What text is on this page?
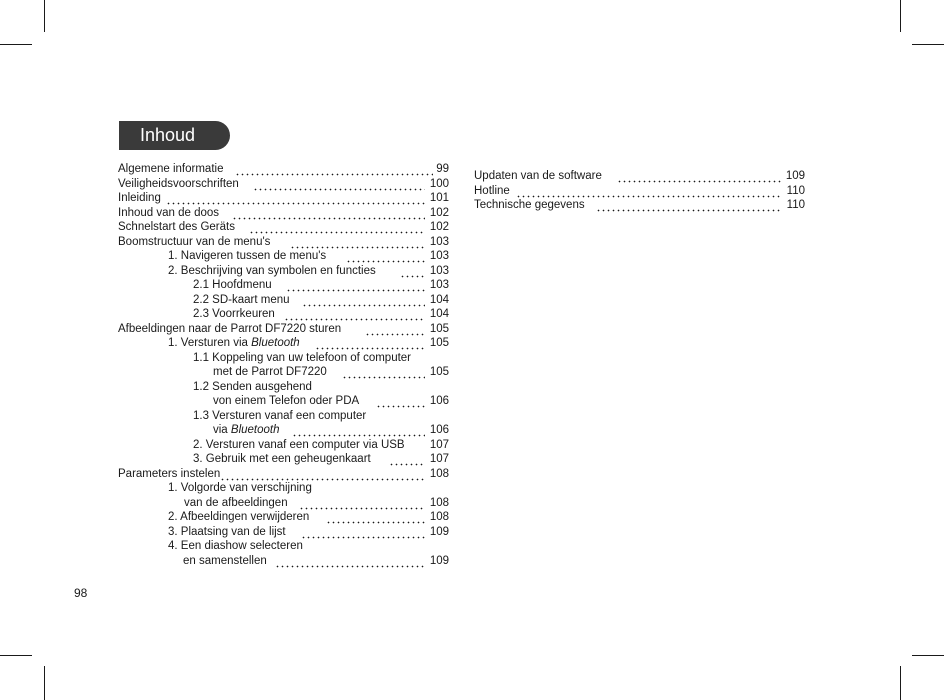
Inhoud
Algemene informatie	99
Veiligheidsvoorschriften	100
Inleiding	101
Inhoud van de doos	102
Schnelstart des Geräts	102
Boomstructuur van de menu's	103
1. Navigeren tussen de menu's	103
2. Beschrijving van symbolen en functies	103
2.1 Hoofdmenu	103
2.2 SD-kaart menu	104
2.3 Voorrkeuren	104
Afbeeldingen naar de Parrot DF7220 sturen	105
1. Versturen via Bluetooth	105
1.1 Koppeling van uw telefoon of computer
met de Parrot DF7220	105
1.2 Senden ausgehend
von einem Telefon oder PDA	106
1.3 Versturen vanaf een computer
via Bluetooth	106
2. Versturen vanaf een computer via USB 107
3. Gebruik met een geheugenkaart	107
Parameters instelen	108
1. Volgorde van verschijning
van de afbeeldingen	108
2. Afbeeldingen verwijderen	108
3. Plaatsing van de lijst	109
4. Een diashow selecteren
en samenstellen	109
Updaten van de software	109
Hotline	110
Technische gegevens	110
98
